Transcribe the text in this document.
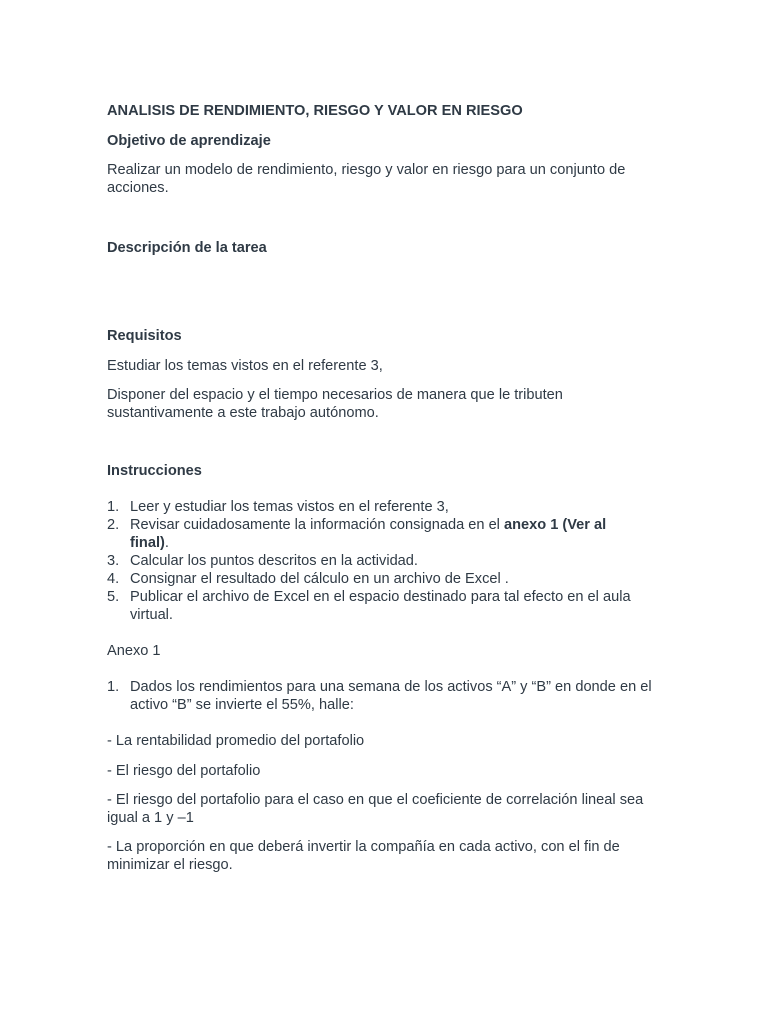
ANALISIS DE RENDIMIENTO, RIESGO Y VALOR EN RIESGO
Objetivo de aprendizaje
Realizar un modelo de rendimiento, riesgo y valor en riesgo para un conjunto de acciones.
Descripción de la tarea
Requisitos
Estudiar los temas vistos en el referente 3,
Disponer del espacio y el tiempo necesarios de manera que le tributen sustantivamente a este trabajo autónomo.
Instrucciones
1. Leer y estudiar los temas vistos en el referente 3,
2. Revisar cuidadosamente la información consignada en el anexo 1 (Ver al final).
3. Calcular los puntos descritos en la actividad.
4. Consignar el resultado del cálculo en un archivo de Excel .
5. Publicar el archivo de Excel en el espacio destinado para tal efecto en el aula virtual.
Anexo 1
1. Dados los rendimientos para una semana de los activos “A” y “B” en donde en el activo “B” se invierte el 55%, halle:
- La rentabilidad promedio del portafolio
- El riesgo del portafolio
- El riesgo del portafolio para el caso en que el coeficiente de correlación lineal sea igual a 1 y –1
- La proporción en que deberá invertir la compañía en cada activo, con el fin de minimizar el riesgo.
